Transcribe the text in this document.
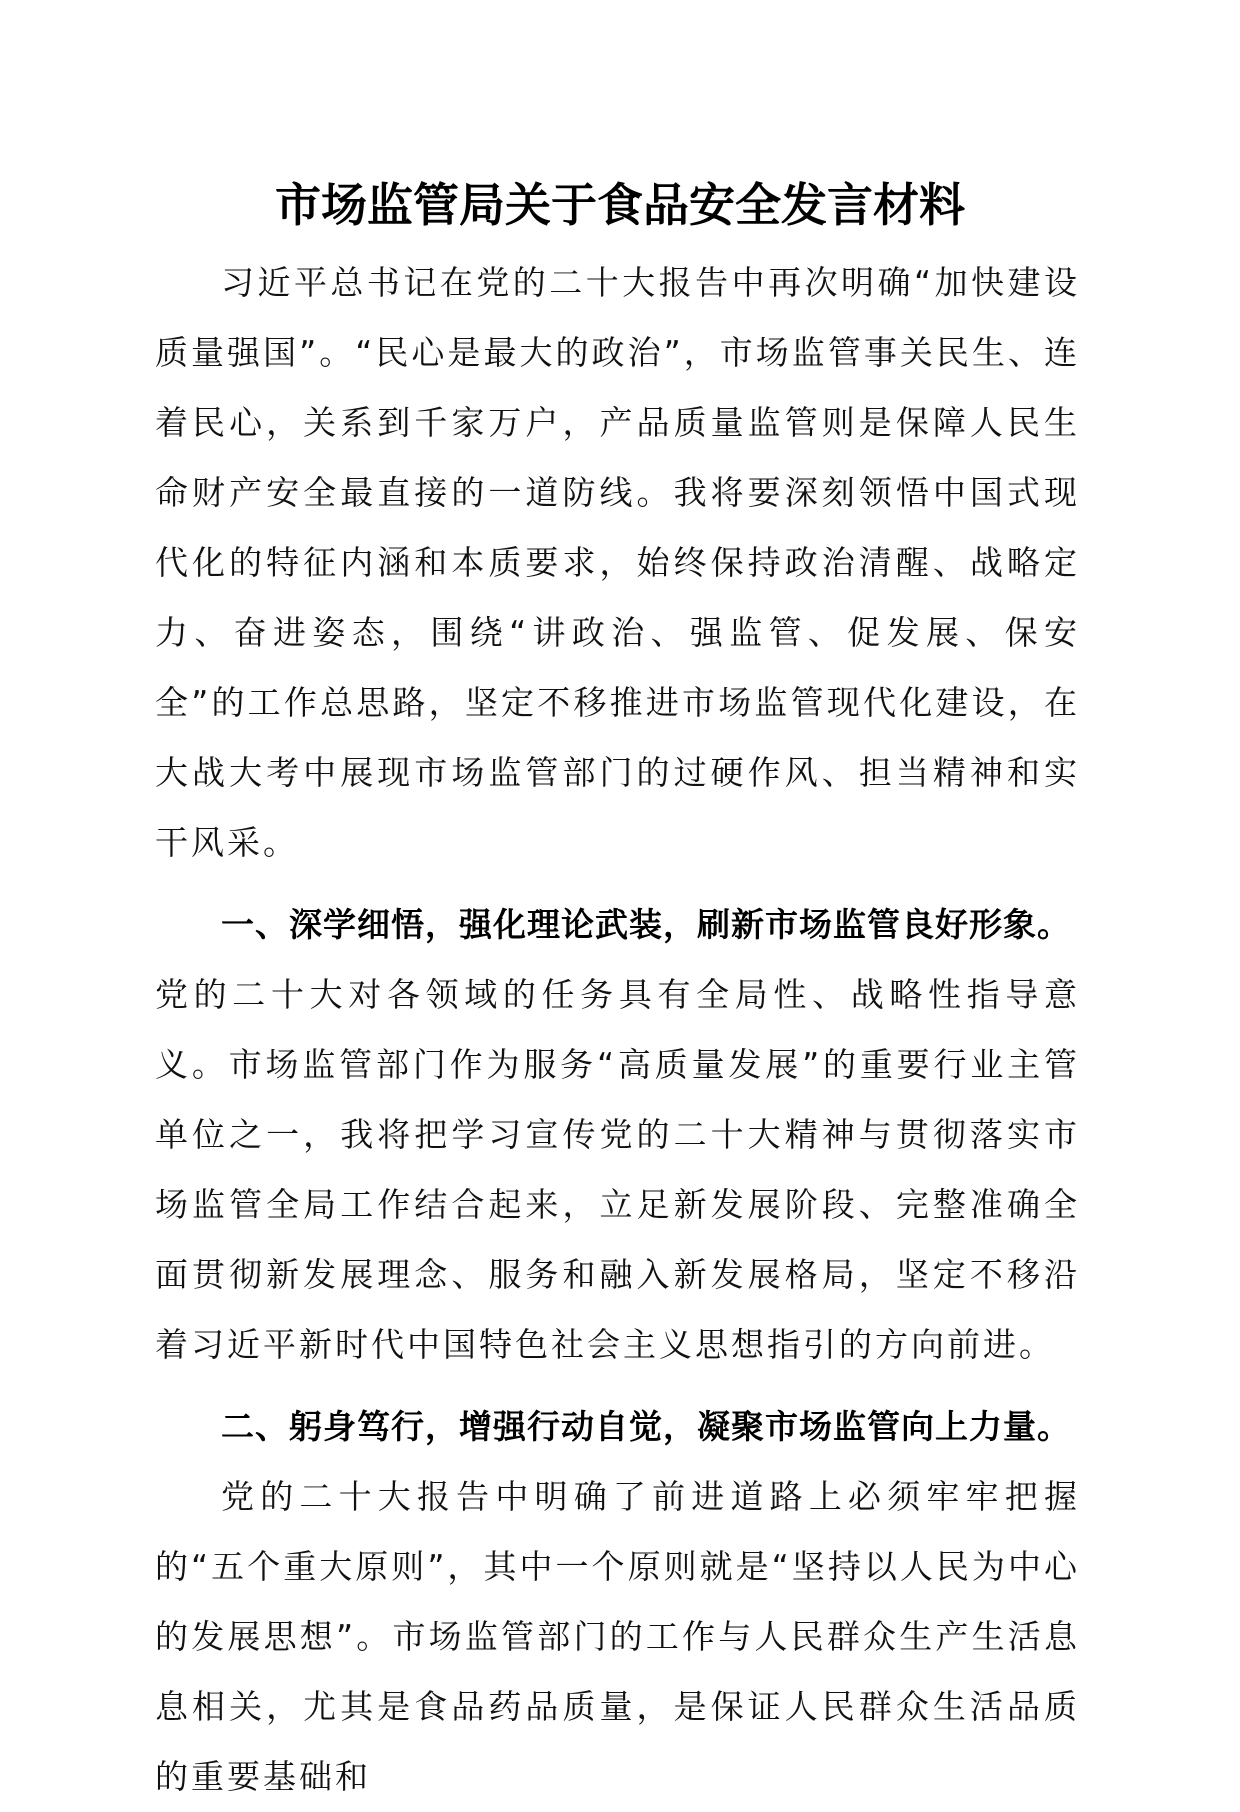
市场监管局关于食品安全发言材料

习近平总书记在党的二十大报告中再次明确“加快建设质量强国”。“民心是最大的政治”，市场监管事关民生、连着民心，关系到千家万户，产品质量监管则是保障人民生命财产安全最直接的一道防线。我将要深刻领悟中国式现代化的特征内涵和本质要求，始终保持政治清醒、战略定力、奋进姿态，围绕“讲政治、强监管、促发展、保安全”的工作总思路，坚定不移推进市场监管现代化建设，在大战大考中展现市场监管部门的过硬作风、担当精神和实干风采。

一、深学细悟，强化理论武装，刷新市场监管良好形象。

党的二十大对各领域的任务具有全局性、战略性指导意义。市场监管部门作为服务“高质量发展”的重要行业主管单位之一，我将把学习宣传党的二十大精神与贯彻落实市场监管全局工作结合起来，立足新发展阶段、完整准确全面贯彻新发展理念、服务和融入新发展格局，坚定不移沿着习近平新时代中国特色社会主义思想指引的方向前进。

二、躬身笃行，增强行动自觉，凝聚市场监管向上力量。

党的二十大报告中明确了前进道路上必须牢牢把握的“五个重大原则”，其中一个原则就是“坚持以人民为中心的发展思想”。市场监管部门的工作与人民群众生产生活息息相关，尤其是食品药品质量，是保证人民群众生活品质的重要基础和
